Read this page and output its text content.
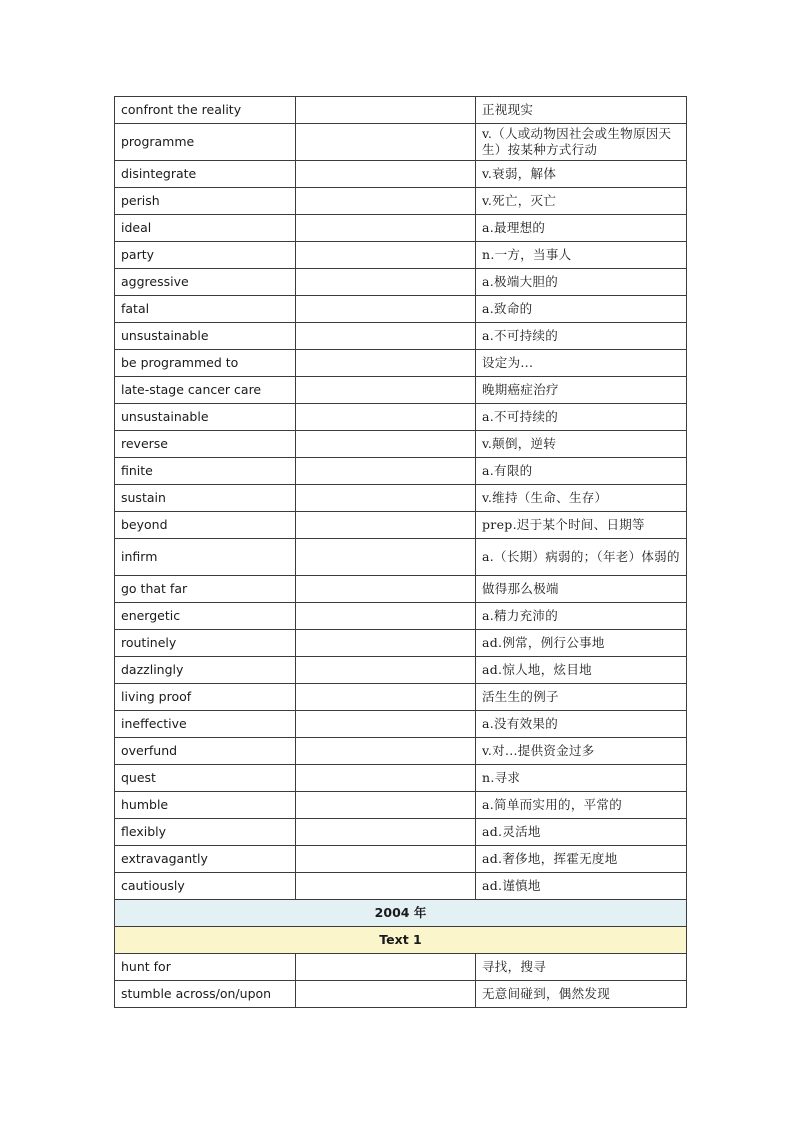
confront the reality		正视现实
programme		v.（人或动物因社会或生物原因天生）按某种方式行动
disintegrate		v.衰弱，解体
perish		v.死亡，灭亡
ideal		a.最理想的
party		n.一方，当事人
aggressive		a.极端大胆的
fatal		a.致命的
unsustainable		a.不可持续的
be programmed to		设定为...
late-stage cancer care		晚期癌症治疗
unsustainable		a.不可持续的
reverse		v.颠倒，逆转
finite		a.有限的
sustain		v.维持（生命、生存）
beyond		prep.迟于某个时间、日期等
infirm		a.（长期）病弱的；（年老）体弱的
go that far		做得那么极端
energetic		a.精力充沛的
routinely		ad.例常，例行公事地
dazzlingly		ad.惊人地，炫目地
living proof		活生生的例子
ineffective		a.没有效果的
overfund		v.对...提供资金过多
quest		n.寻求
humble		a.简单而实用的，平常的
flexibly		ad.灵活地
extravagantly		ad.奢侈地，挥霍无度地
cautiously		ad.谨慎地
2004 年		
Text 1		
hunt for		寻找，搜寻
stumble across/on/upon		无意间碰到，偶然发现
